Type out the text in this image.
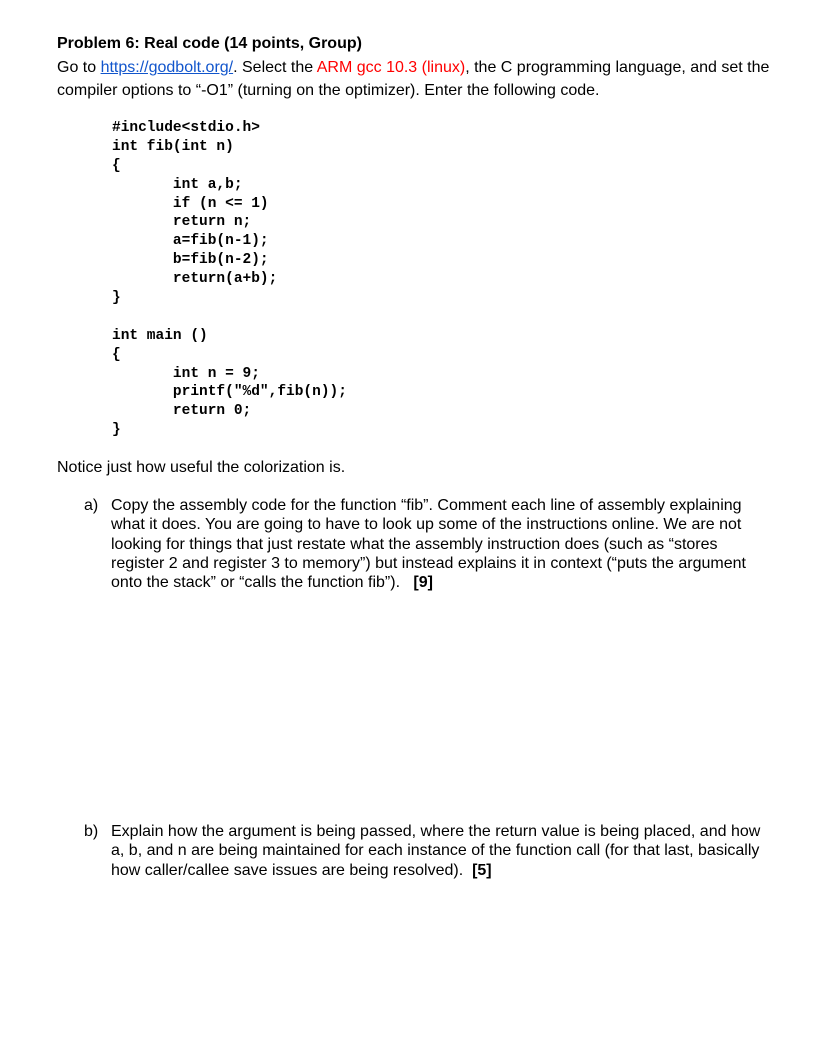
Problem 6: Real code (14 points, Group)
Go to https://godbolt.org/. Select the ARM gcc 10.3 (linux), the C programming language, and set the compiler options to “-O1” (turning on the optimizer). Enter the following code.
#include<stdio.h>
int fib(int n)
{
int a,b;
if (n <= 1)
return n;
a=fib(n-1);
b=fib(n-2);
return(a+b);
}
int main ()
{
int n = 9;
printf("%d",fib(n));
return 0;
}
Notice just how useful the colorization is.
a) Copy the assembly code for the function “fib”. Comment each line of assembly explaining what it does. You are going to have to look up some of the instructions online. We are not looking for things that just restate what the assembly instruction does (such as “stores register 2 and register 3 to memory”) but instead explains it in context (“puts the argument onto the stack” or “calls the function fib”). [9]
b) Explain how the argument is being passed, where the return value is being placed, and how a, b, and n are being maintained for each instance of the function call (for that last, basically how caller/callee save issues are being resolved). [5]
